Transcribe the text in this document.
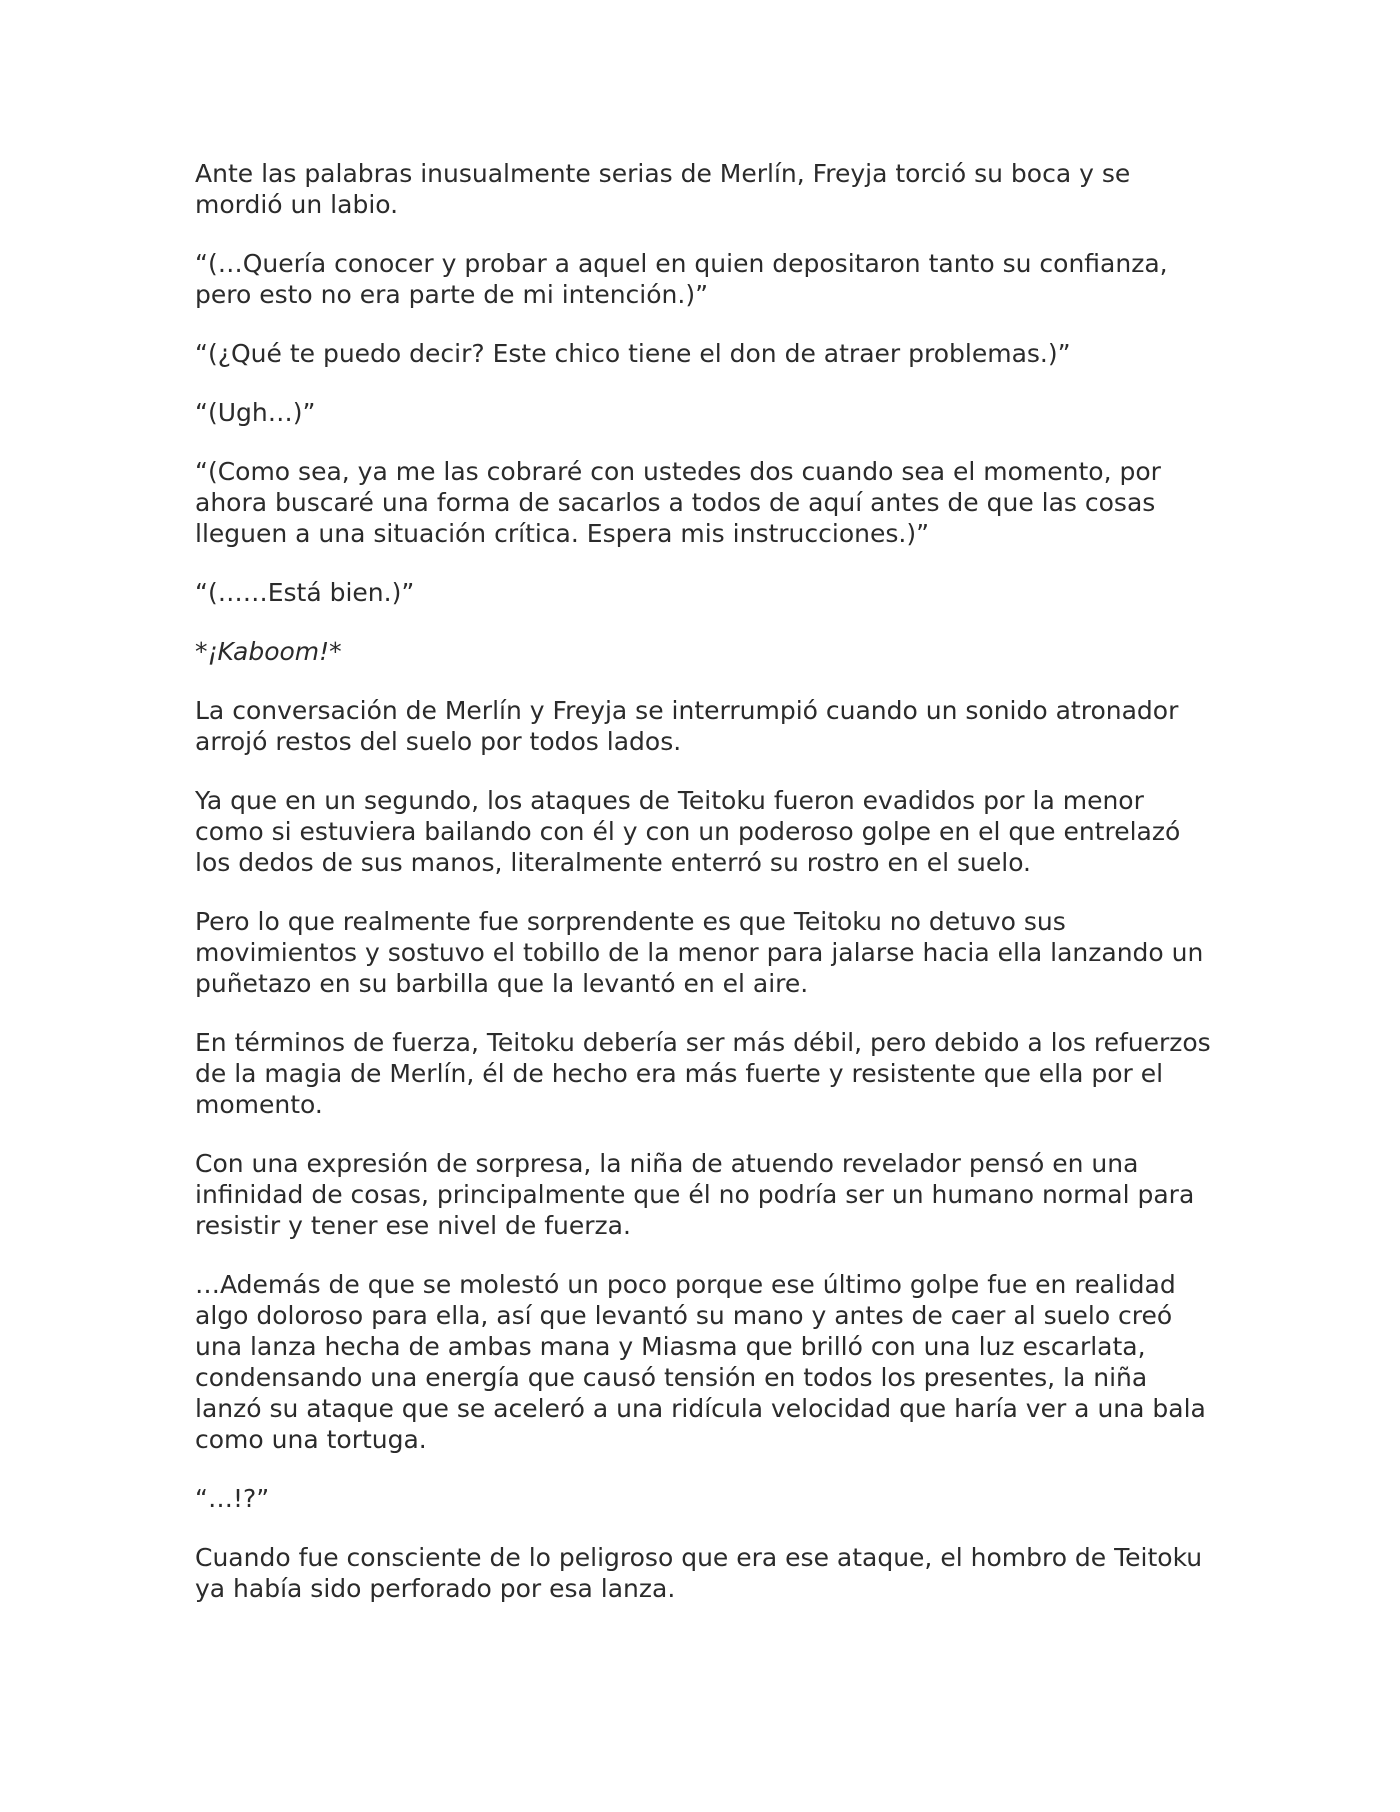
Ante las palabras inusualmente serias de Merlín, Freyja torció su boca y se mordió un labio.

“(…Quería conocer y probar a aquel en quien depositaron tanto su confianza, pero esto no era parte de mi intención.)”

“(¿Qué te puedo decir? Este chico tiene el don de atraer problemas.)”

“(Ugh…)”

“(Como sea, ya me las cobraré con ustedes dos cuando sea el momento, por ahora buscaré una forma de sacarlos a todos de aquí antes de que las cosas lleguen a una situación crítica. Espera mis instrucciones.)”

“(……Está bien.)”

*¡Kaboom!*

La conversación de Merlín y Freyja se interrumpió cuando un sonido atronador arrojó restos del suelo por todos lados.

Ya que en un segundo, los ataques de Teitoku fueron evadidos por la menor como si estuviera bailando con él y con un poderoso golpe en el que entrelazó los dedos de sus manos, literalmente enterró su rostro en el suelo.

Pero lo que realmente fue sorprendente es que Teitoku no detuvo sus movimientos y sostuvo el tobillo de la menor para jalarse hacia ella lanzando un puñetazo en su barbilla que la levantó en el aire.

En términos de fuerza, Teitoku debería ser más débil, pero debido a los refuerzos de la magia de Merlín, él de hecho era más fuerte y resistente que ella por el momento.

Con una expresión de sorpresa, la niña de atuendo revelador pensó en una infinidad de cosas, principalmente que él no podría ser un humano normal para resistir y tener ese nivel de fuerza.

…Además de que se molestó un poco porque ese último golpe fue en realidad algo doloroso para ella, así que levantó su mano y antes de caer al suelo creó una lanza hecha de ambas mana y Miasma que brilló con una luz escarlata, condensando una energía que causó tensión en todos los presentes, la niña lanzó su ataque que se aceleró a una ridícula velocidad que haría ver a una bala como una tortuga.

“…!?”

Cuando fue consciente de lo peligroso que era ese ataque, el hombro de Teitoku ya había sido perforado por esa lanza.
